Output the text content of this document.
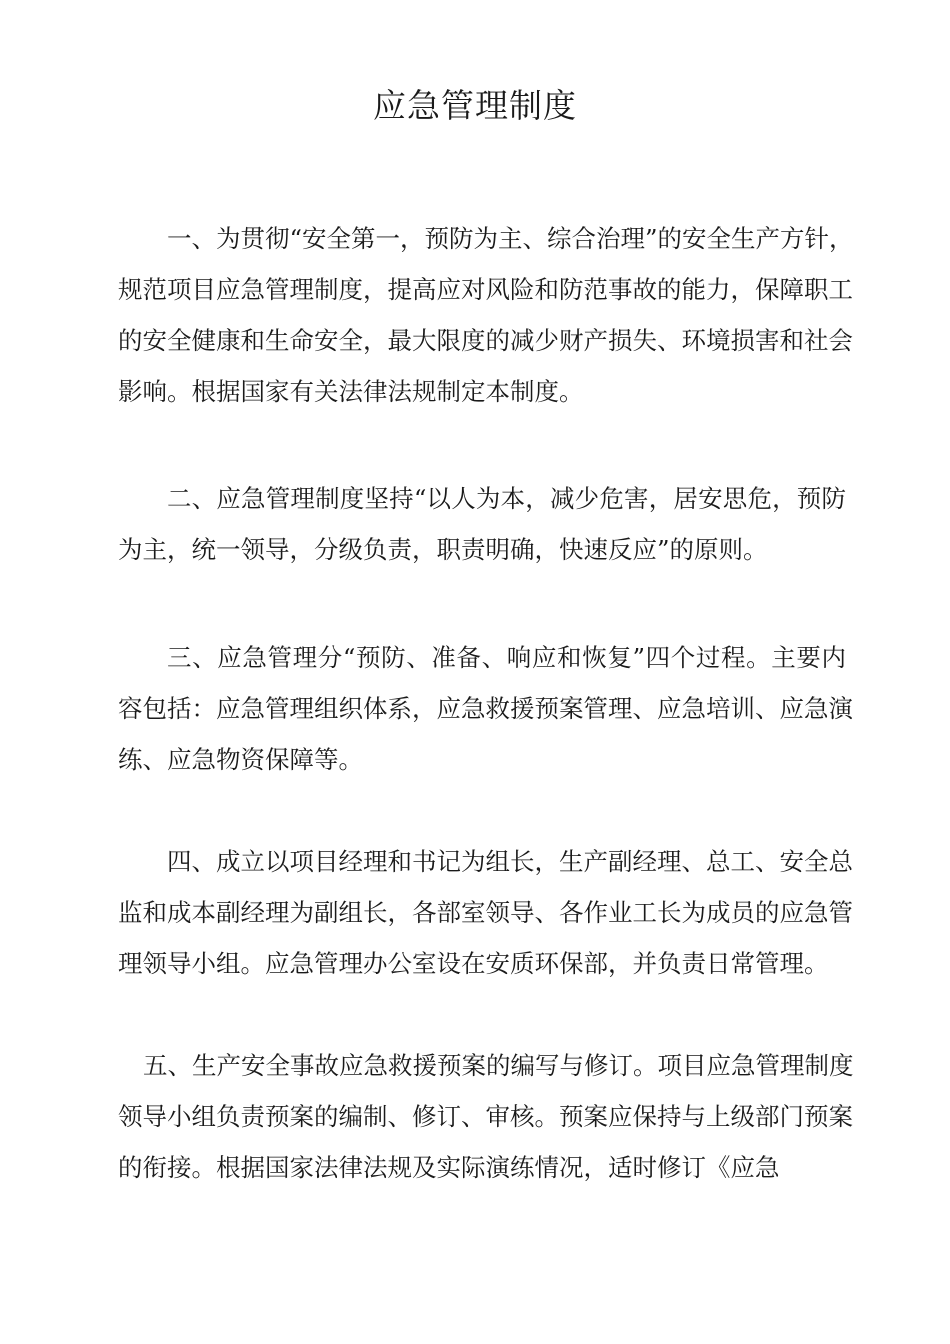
应急管理制度

一、为贯彻“安全第一，预防为主、综合治理”的安全生产方针，
规范项目应急管理制度，提高应对风险和防范事故的能力，保障职工
的安全健康和生命安全，最大限度的减少财产损失、环境损害和社会
影响。根据国家有关法律法规制定本制度。

二、应急管理制度坚持“以人为本，减少危害，居安思危，预防
为主，统一领导，分级负责，职责明确，快速反应”的原则。

三、应急管理分“预防、准备、响应和恢复”四个过程。主要内
容包括：应急管理组织体系，应急救援预案管理、应急培训、应急演
练、应急物资保障等。

四、成立以项目经理和书记为组长，生产副经理、总工、安全总
监和成本副经理为副组长，各部室领导、各作业工长为成员的应急管
理领导小组。应急管理办公室设在安质环保部，并负责日常管理。

五、生产安全事故应急救援预案的编写与修订。项目应急管理制度
领导小组负责预案的编制、修订、审核。预案应保持与上级部门预案
的衔接。根据国家法律法规及实际演练情况，适时修订《应急
